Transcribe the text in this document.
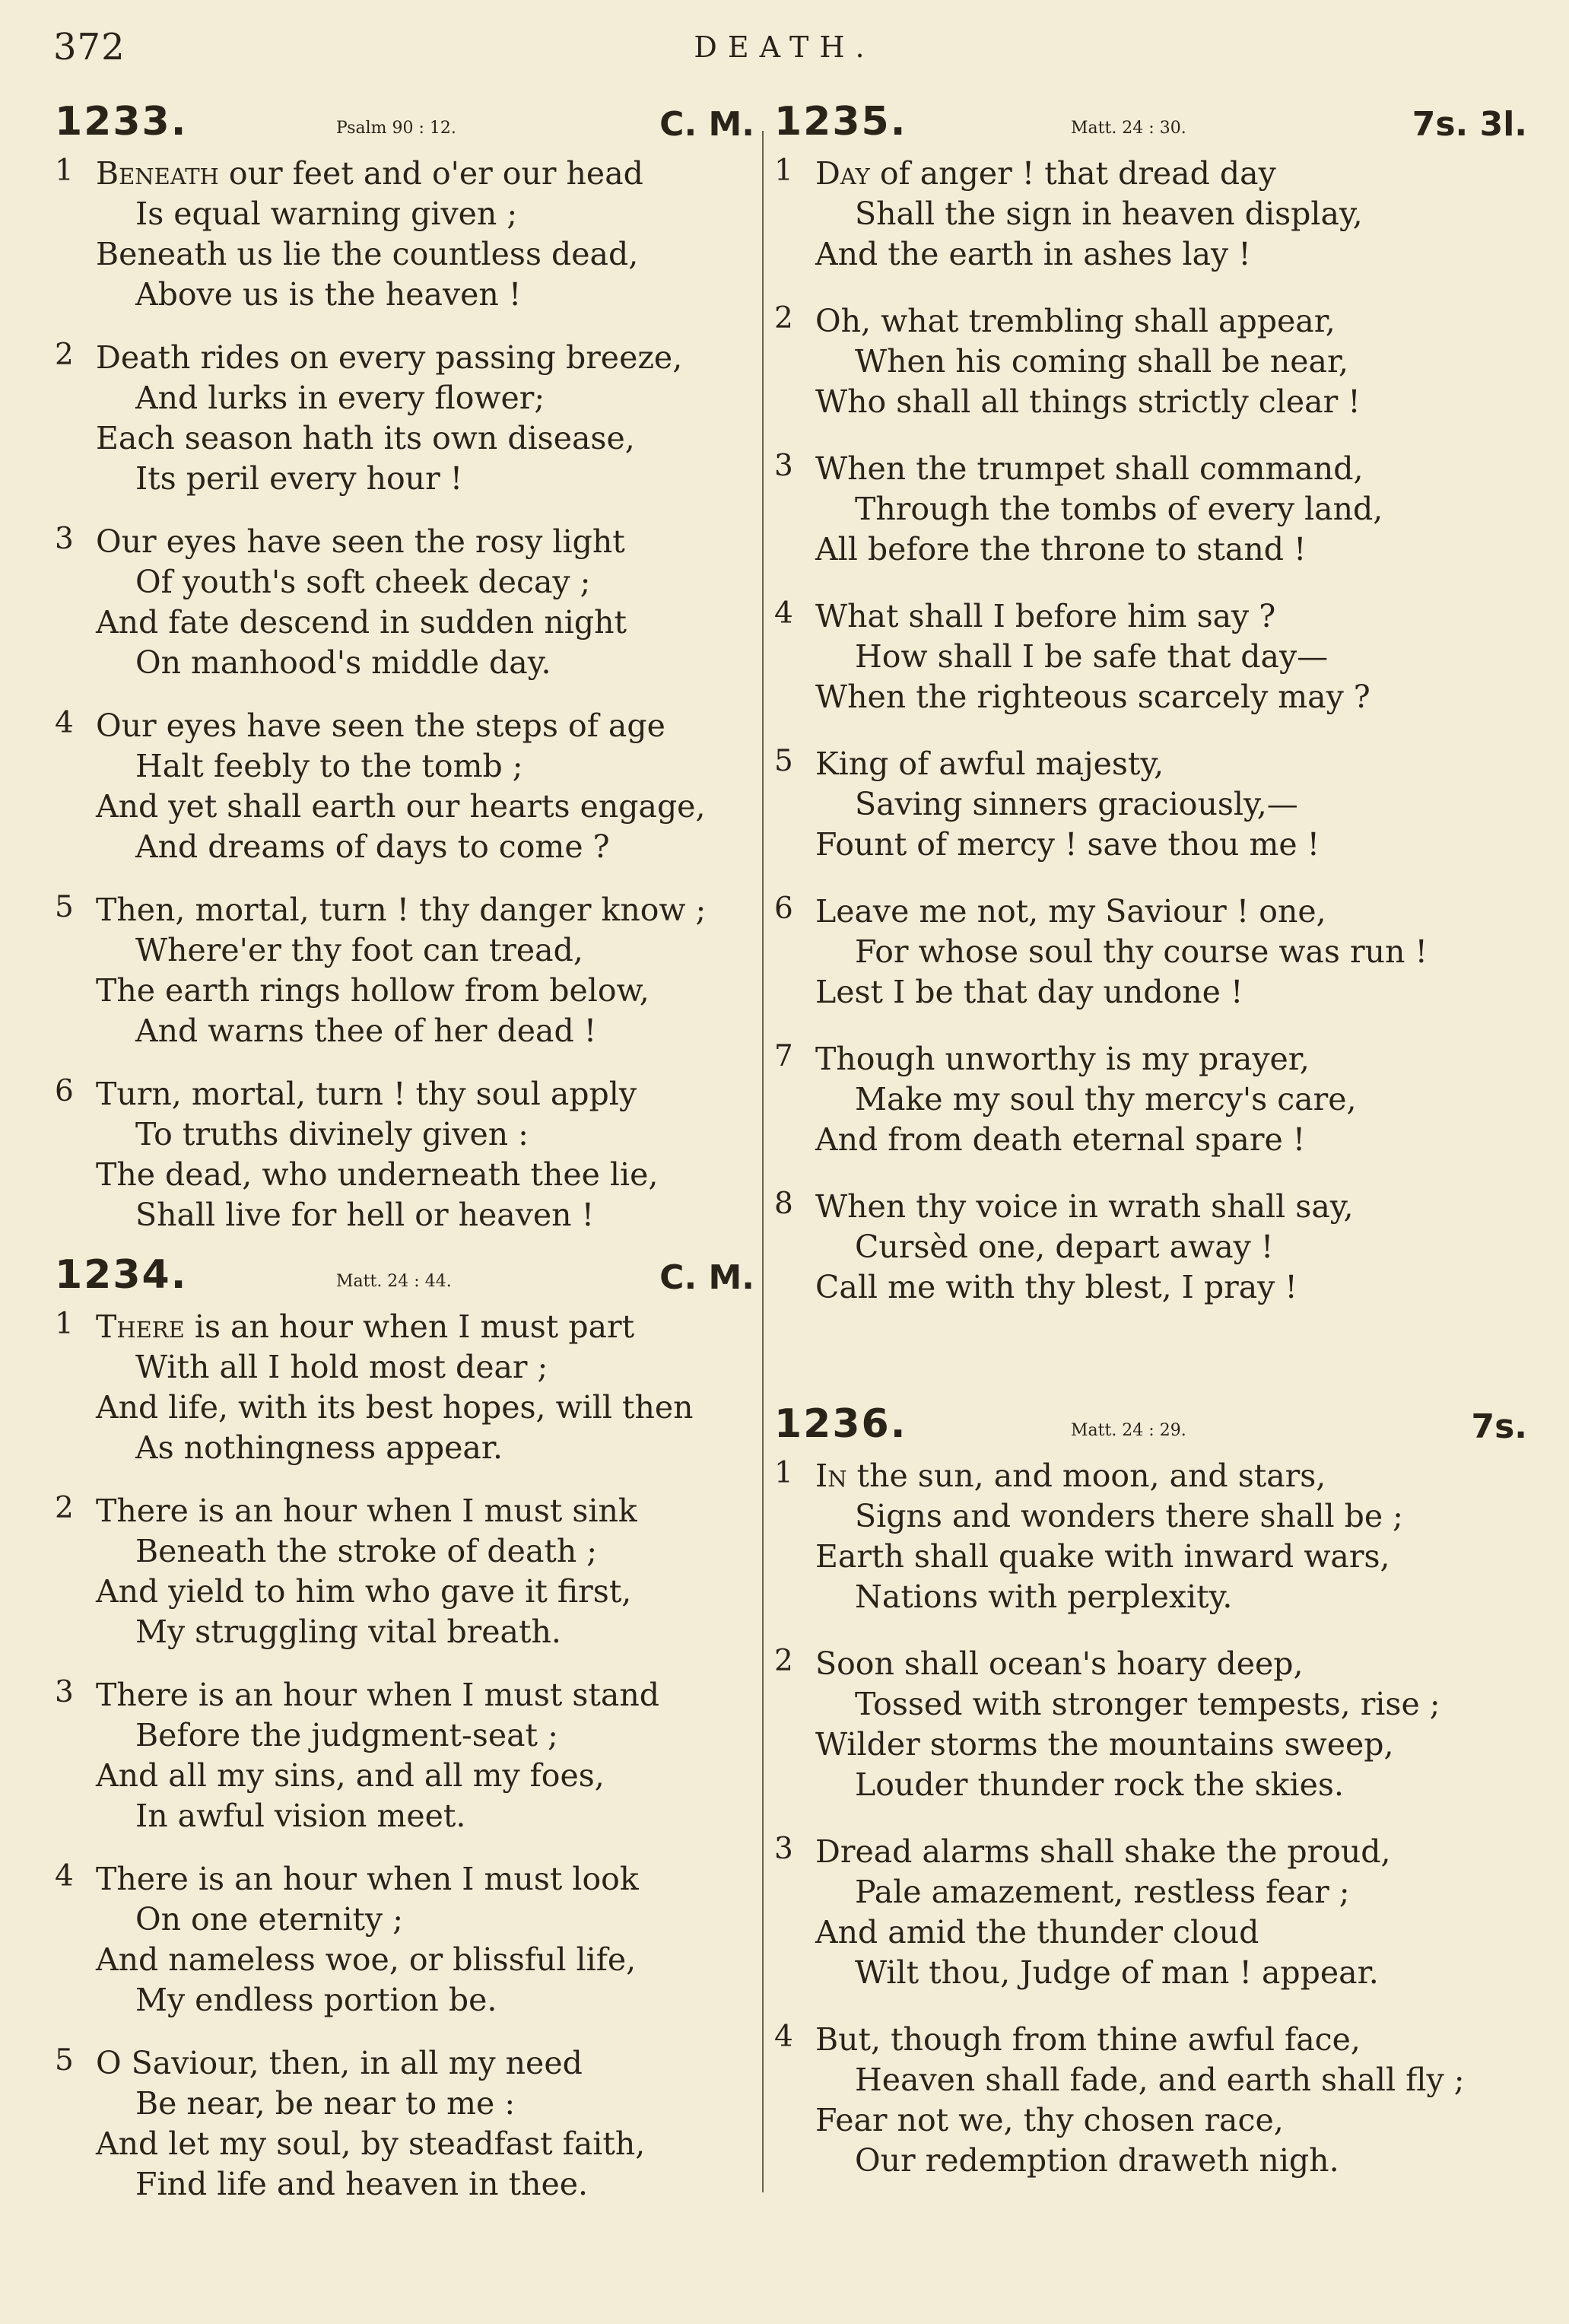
372	DEATH.
1233.	Psalm 90 : 12.	C. M.
1 Beneath our feet and o'er our head
Is equal warning given ;
Beneath us lie the countless dead,
Above us is the heaven !
2 Death rides on every passing breeze,
And lurks in every flower;
Each season hath its own disease,
Its peril every hour !
3 Our eyes have seen the rosy light
Of youth's soft cheek decay ;
And fate descend in sudden night
On manhood's middle day.
4 Our eyes have seen the steps of age
Halt feebly to the tomb ;
And yet shall earth our hearts engage,
And dreams of days to come ?
5 Then, mortal, turn ! thy danger know ;
Where'er thy foot can tread,
The earth rings hollow from below,
And warns thee of her dead !
6 Turn, mortal, turn ! thy soul apply
To truths divinely given :
The dead, who underneath thee lie,
Shall live for hell or heaven !
1234.	Matt. 24 : 44.	C. M.
1 There is an hour when I must part
With all I hold most dear ;
And life, with its best hopes, will then
As nothingness appear.
2 There is an hour when I must sink
Beneath the stroke of death ;
And yield to him who gave it first,
My struggling vital breath.
3 There is an hour when I must stand
Before the judgment-seat ;
And all my sins, and all my foes,
In awful vision meet.
4 There is an hour when I must look
On one eternity ;
And nameless woe, or blissful life,
My endless portion be.
5 O Saviour, then, in all my need
Be near, be near to me :
And let my soul, by steadfast faith,
Find life and heaven in thee.
1235.	Matt. 24 : 30.	7s. 3l.
1 Day of anger ! that dread day
Shall the sign in heaven display,
And the earth in ashes lay !
2 Oh, what trembling shall appear,
When his coming shall be near,
Who shall all things strictly clear !
3 When the trumpet shall command,
Through the tombs of every land,
All before the throne to stand !
4 What shall I before him say ?
How shall I be safe that day—
When the righteous scarcely may ?
5 King of awful majesty,
Saving sinners graciously,—
Fount of mercy ! save thou me !
6 Leave me not, my Saviour ! one,
For whose soul thy course was run !
Lest I be that day undone !
7 Though unworthy is my prayer,
Make my soul thy mercy's care,
And from death eternal spare !
8 When thy voice in wrath shall say,
Cursèd one, depart away !
Call me with thy blest, I pray !
1236.	Matt. 24 : 29.	7s.
1 In the sun, and moon, and stars,
Signs and wonders there shall be ;
Earth shall quake with inward wars,
Nations with perplexity.
2 Soon shall ocean's hoary deep,
Tossed with stronger tempests, rise ;
Wilder storms the mountains sweep,
Louder thunder rock the skies.
3 Dread alarms shall shake the proud,
Pale amazement, restless fear ;
And amid the thunder cloud
Wilt thou, Judge of man ! appear.
4 But, though from thine awful face,
Heaven shall fade, and earth shall fly ;
Fear not we, thy chosen race,
Our redemption draweth nigh.
